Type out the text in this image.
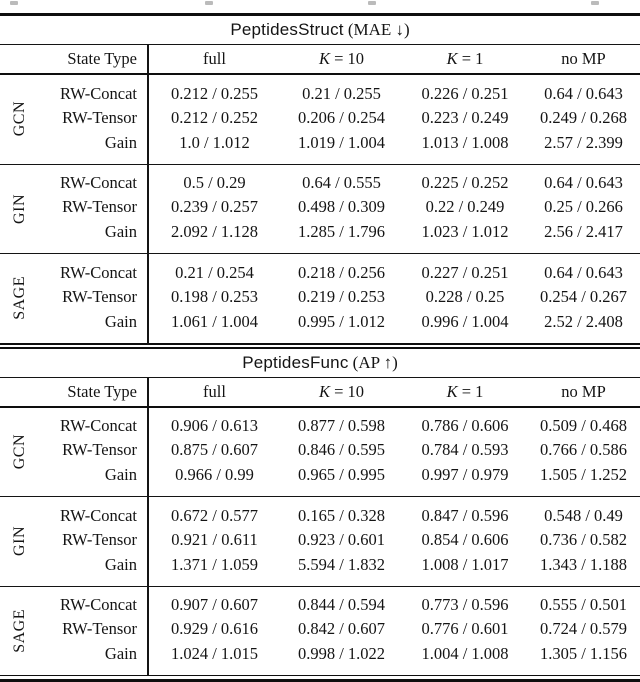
PeptidesStruct (MAE ↓)					
State Type		full	K = 10	K = 1	no MP
GCN	RW-Concat	0.212 / 0.255	0.21 / 0.255	0.226 / 0.251	0.64 / 0.643
	RW-Tensor	0.212 / 0.252	0.206 / 0.254	0.223 / 0.249	0.249 / 0.268
	Gain	1.0 / 1.012	1.019 / 1.004	1.013 / 1.008	2.57 / 2.399
GIN	RW-Concat	0.5 / 0.29	0.64 / 0.555	0.225 / 0.252	0.64 / 0.643
	RW-Tensor	0.239 / 0.257	0.498 / 0.309	0.22 / 0.249	0.25 / 0.266
	Gain	2.092 / 1.128	1.285 / 1.796	1.023 / 1.012	2.56 / 2.417
SAGE	RW-Concat	0.21 / 0.254	0.218 / 0.256	0.227 / 0.251	0.64 / 0.643
	RW-Tensor	0.198 / 0.253	0.219 / 0.253	0.228 / 0.25	0.254 / 0.267
	Gain	1.061 / 1.004	0.995 / 1.012	0.996 / 1.004	2.52 / 2.408
PeptidesFunc (AP ↑)					
State Type		full	K = 10	K = 1	no MP
GCN	RW-Concat	0.906 / 0.613	0.877 / 0.598	0.786 / 0.606	0.509 / 0.468
	RW-Tensor	0.875 / 0.607	0.846 / 0.595	0.784 / 0.593	0.766 / 0.586
	Gain	0.966 / 0.99	0.965 / 0.995	0.997 / 0.979	1.505 / 1.252
GIN	RW-Concat	0.672 / 0.577	0.165 / 0.328	0.847 / 0.596	0.548 / 0.49
	RW-Tensor	0.921 / 0.611	0.923 / 0.601	0.854 / 0.606	0.736 / 0.582
	Gain	1.371 / 1.059	5.594 / 1.832	1.008 / 1.017	1.343 / 1.188
SAGE	RW-Concat	0.907 / 0.607	0.844 / 0.594	0.773 / 0.596	0.555 / 0.501
	RW-Tensor	0.929 / 0.616	0.842 / 0.607	0.776 / 0.601	0.724 / 0.579
	Gain	1.024 / 1.015	0.998 / 1.022	1.004 / 1.008	1.305 / 1.156
